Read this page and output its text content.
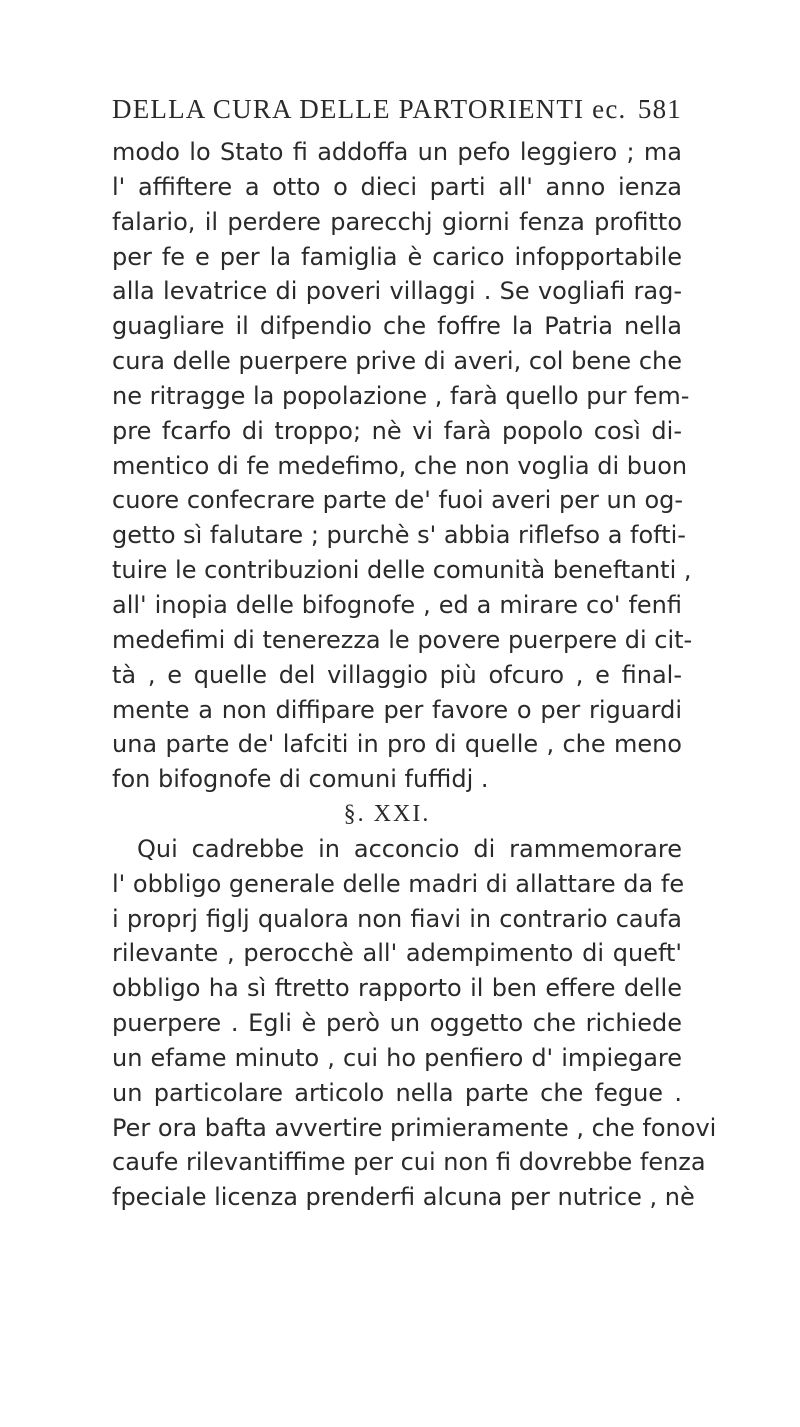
DELLA CURA DELLE PARTORIENTI ec. 581
modo lo Stato fi addoffa un pefo leggiero ; ma
l' affiftere a otto o dieci parti all' anno ienza
falario, il perdere parecchj giorni fenza profitto
per fe e per la famiglia è carico infopportabile
alla levatrice di poveri villaggi . Se vogliafi rag-
guagliare il difpendio che foffre la Patria nella
cura delle puerpere prive di averi, col bene che
ne ritragge la popolazione , farà quello pur fem-
pre fcarfo di troppo; nè vi farà popolo così di-
mentico di fe medefimo, che non voglia di buon
cuore confecrare parte de' fuoi averi per un og-
getto sì falutare ; purchè s' abbia riflefso a fofti-
tuire le contribuzioni delle comunità beneftanti ,
all' inopia delle bifognofe , ed a mirare co' fenfi
medefimi di tenerezza le povere puerpere di cit-
tà , e quelle del villaggio più ofcuro , e final-
mente a non diffipare per favore o per riguardi
una parte de' lafciti in pro di quelle , che meno
fon bifognofe di comuni fuffidj .
§. XXI.
Qui cadrebbe in acconcio di rammemorare
l' obbligo generale delle madri di allattare da fe
i proprj figlj qualora non fiavi in contrario caufa
rilevante , perocchè all' adempimento di queft'
obbligo ha sì ftretto rapporto il ben effere delle
puerpere . Egli è però un oggetto che richiede
un efame minuto , cui ho penfiero d' impiegare
un particolare articolo nella parte che fegue .
Per ora bafta avvertire primieramente , che fonovi
caufe rilevantiffime per cui non fi dovrebbe fenza
fpeciale licenza prenderfi alcuna per nutrice , nè
